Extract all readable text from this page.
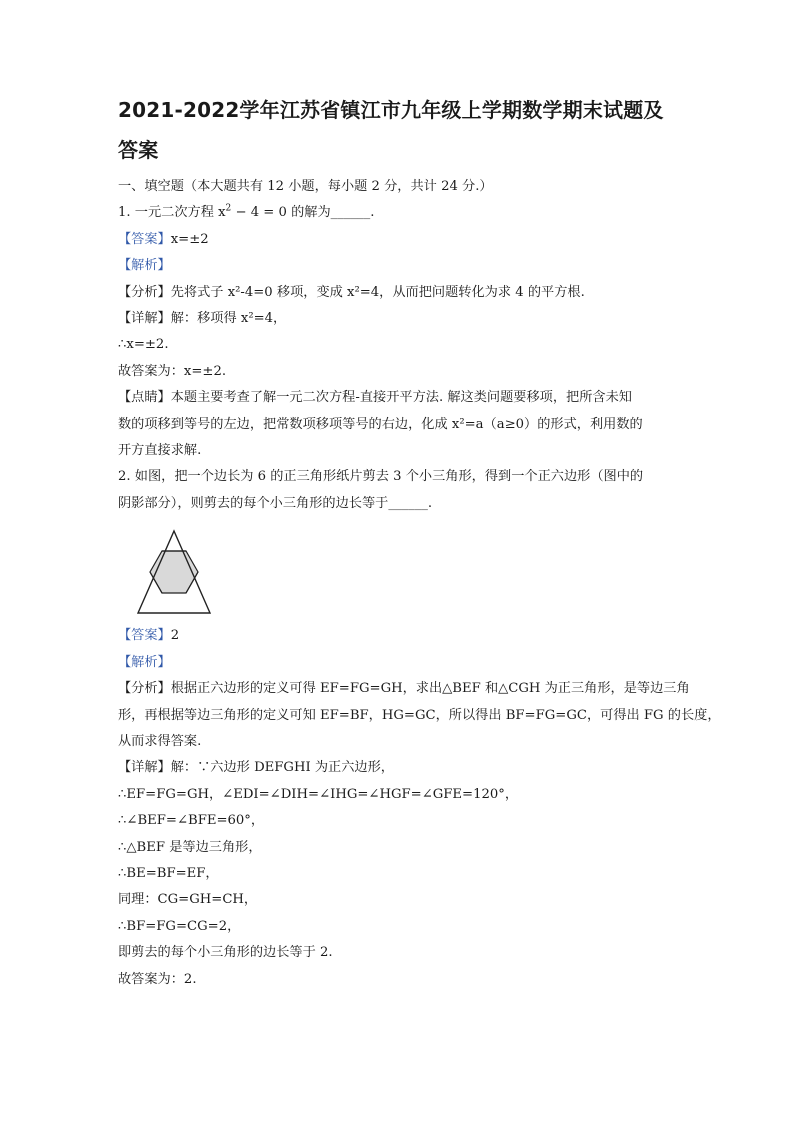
2021-2022学年江苏省镇江市九年级上学期数学期末试题及
答案
一、填空题（本大题共有 12 小题，每小题 2 分，共计 24 分.）
1. 一元二次方程 $x^2 - 4 = 0$ 的解为______.
【答案】x=±2
【解析】
【分析】先将式子 x²-4=0 移项，变成 x²=4，从而把问题转化为求 4 的平方根.
【详解】解：移项得 x²=4，
∴x=±2.
故答案为：x=±2.
【点睛】本题主要考查了解一元二次方程-直接开平方法. 解这类问题要移项，把所含未知
数的项移到等号的左边，把常数项移项等号的右边，化成 x²=a（a≥0）的形式，利用数的
开方直接求解.
2. 如图，把一个边长为 6 的正三角形纸片剪去 3 个小三角形，得到一个正六边形（图中的
阴影部分），则剪去的每个小三角形的边长等于______.
【答案】2
【解析】
【分析】根据正六边形的定义可得 EF=FG=GH，求出△BEF 和△CGH 为正三角形，是等边三角
形，再根据等边三角形的定义可知 EF=BF，HG=GC，所以得出 BF=FG=GC，可得出 FG 的长度，
从而求得答案.
【详解】解：∵六边形 DEFGHI 为正六边形，
∴EF=FG=GH，∠EDI=∠DIH=∠IHG=∠HGF=∠GFE=120°，
∴∠BEF=∠BFE=60°，
∴△BEF 是等边三角形，
∴BE=BF=EF，
同理：CG=GH=CH，
∴BF=FG=CG=2，
即剪去的每个小三角形的边长等于 2.
故答案为：2.
